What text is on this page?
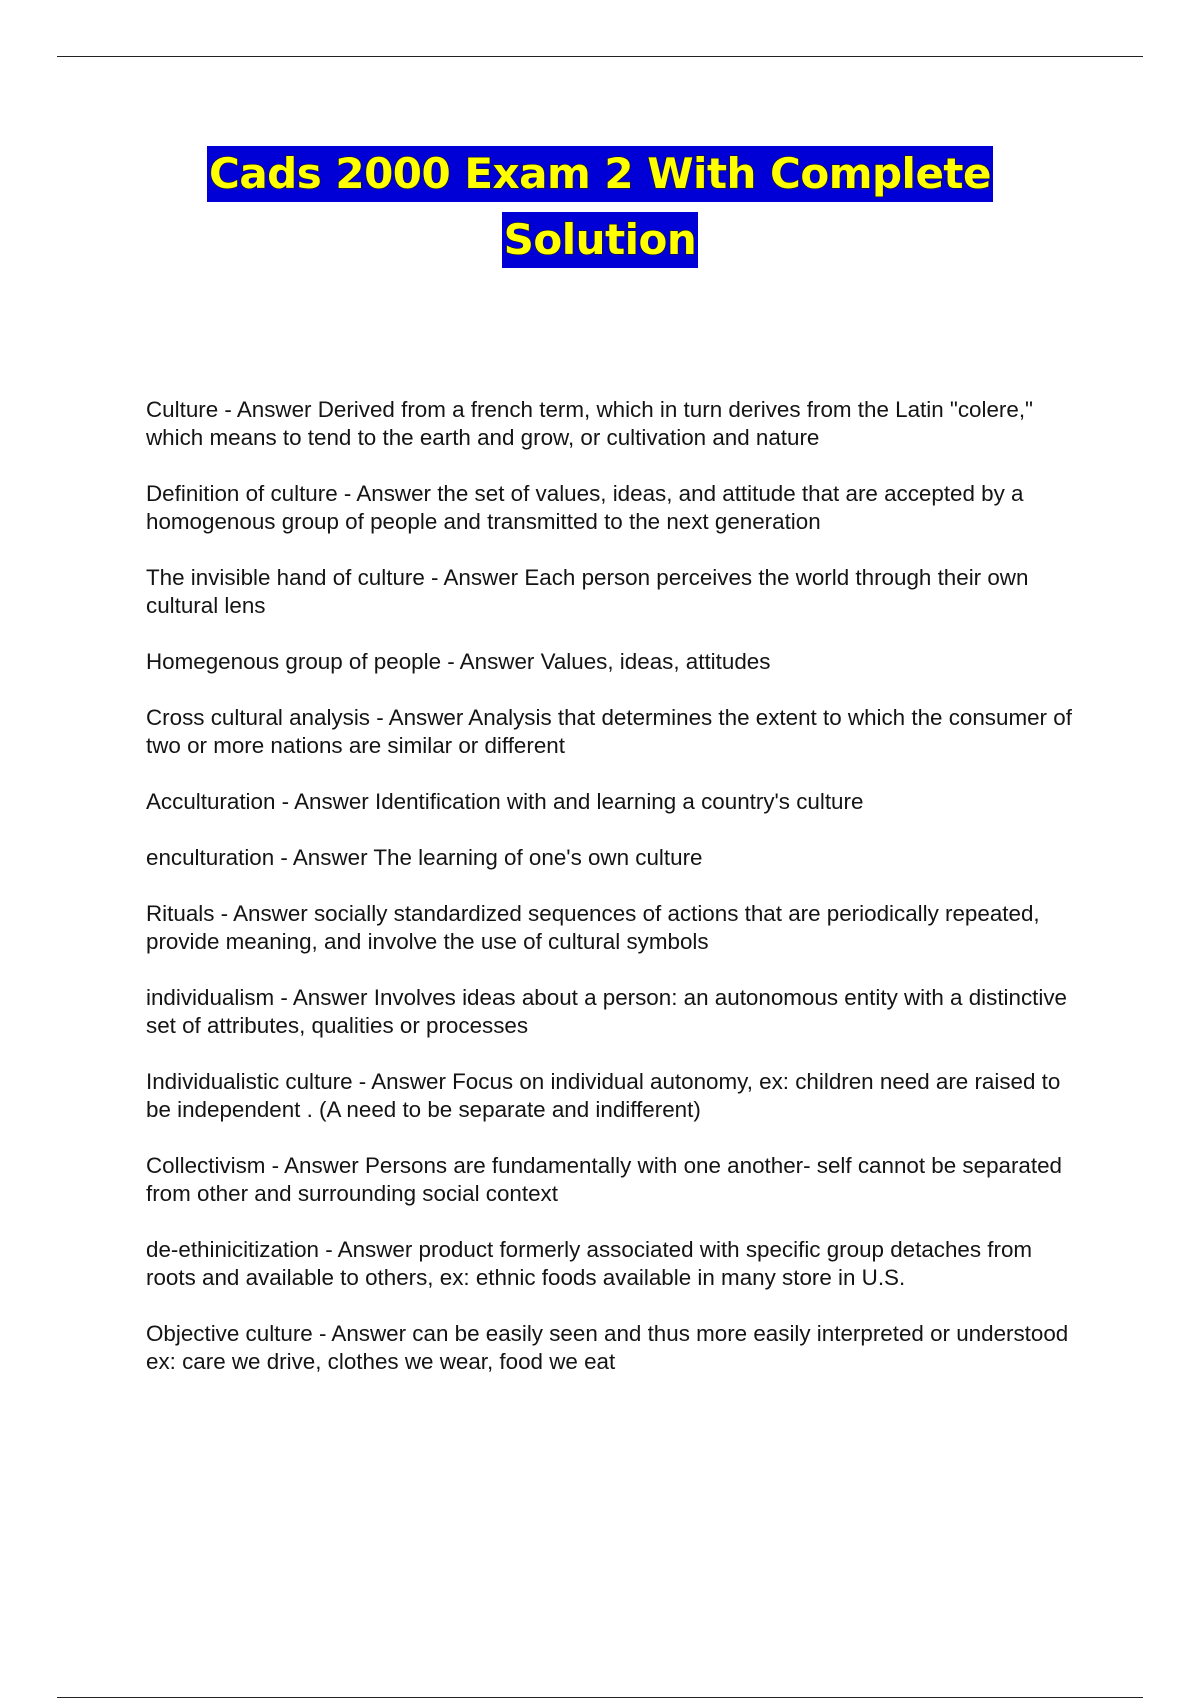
Cads 2000 Exam 2 With Complete
Solution
Culture - Answer Derived from a french term, which in turn derives from the Latin "colere," which means to tend to the earth and grow, or cultivation and nature
Definition of culture - Answer the set of values, ideas, and attitude that are accepted by a homogenous group of people and transmitted to the next generation
The invisible hand of culture - Answer Each person perceives the world through their own cultural lens
Homegenous group of people - Answer Values, ideas, attitudes
Cross cultural analysis - Answer Analysis that determines the extent to which the consumer of two or more nations are similar or different
Acculturation - Answer Identification with and learning a country's culture
enculturation - Answer The learning of one's own culture
Rituals - Answer socially standardized sequences of actions that are periodically repeated, provide meaning, and involve the use of cultural symbols
individualism - Answer Involves ideas about a person: an autonomous entity with a distinctive set of attributes, qualities or processes
Individualistic culture - Answer Focus on individual autonomy, ex: children need are raised to be independent . (A need to be separate and indifferent)
Collectivism - Answer Persons are fundamentally with one another- self cannot be separated from other and surrounding social context
de-ethinicitization - Answer product formerly associated with specific group detaches from roots and available to others, ex: ethnic foods available in many store in U.S.
Objective culture - Answer can be easily seen and thus more easily interpreted or understood ex: care we drive, clothes we wear, food we eat
